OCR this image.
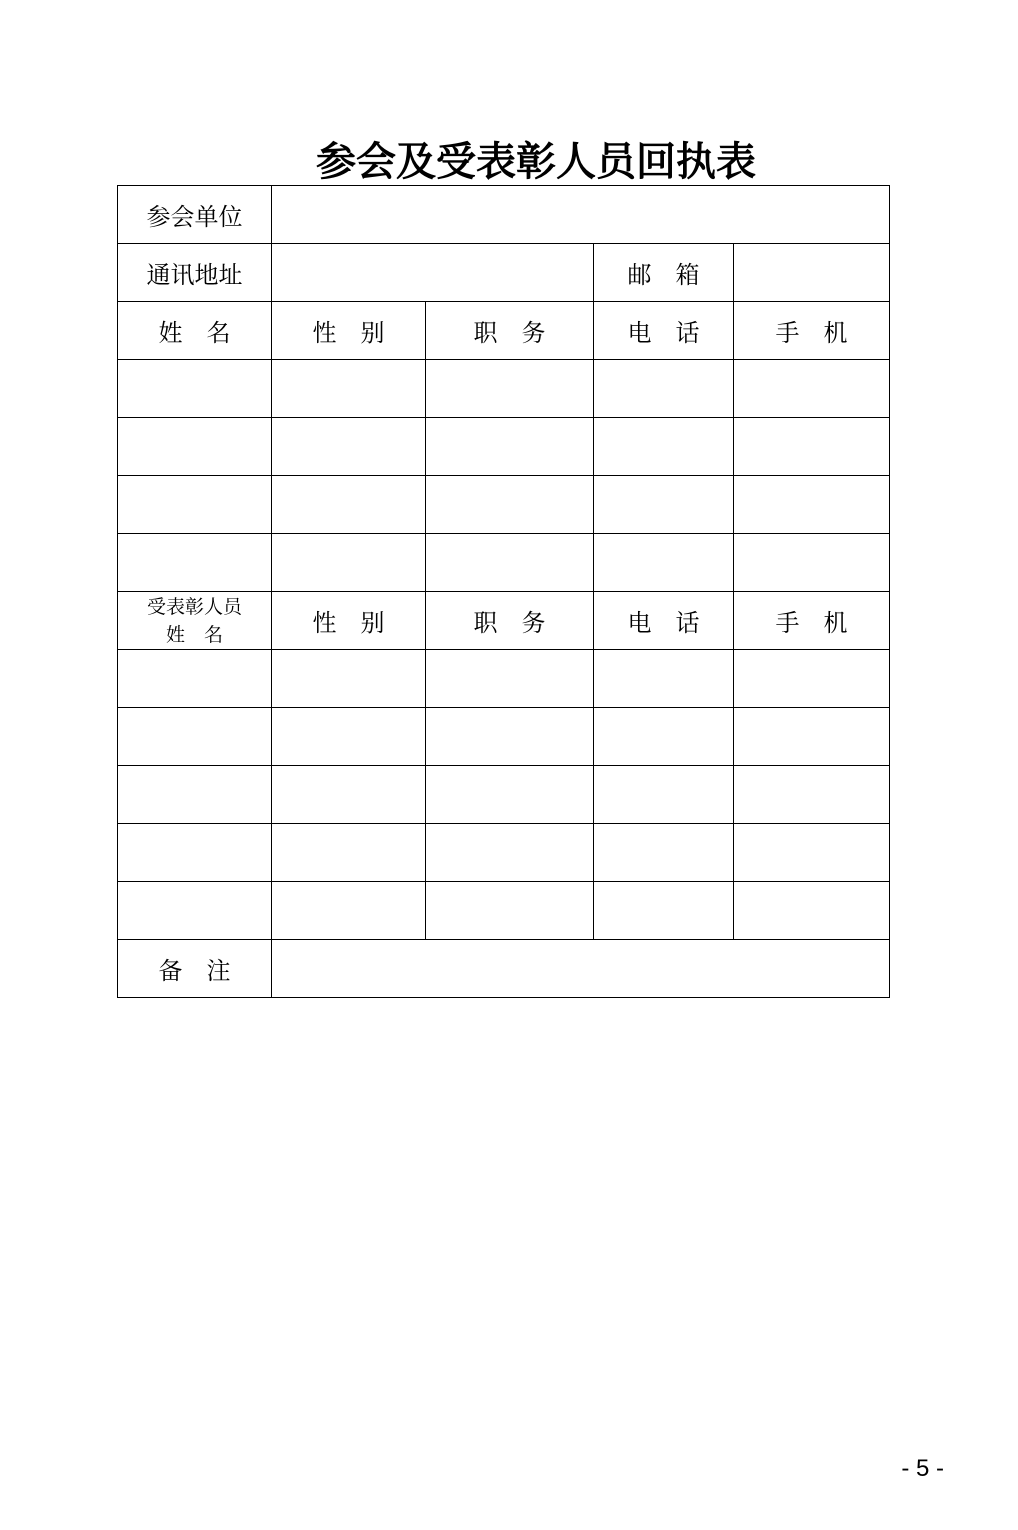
参会及受表彰人员回执表
参会单位				
通讯地址			邮　箱	
姓　名	性　别	职　务	电　话	手　机

受表彰人员
姓　名	性　别	职　务	电　话	手　机

备　注				
- 5 -
